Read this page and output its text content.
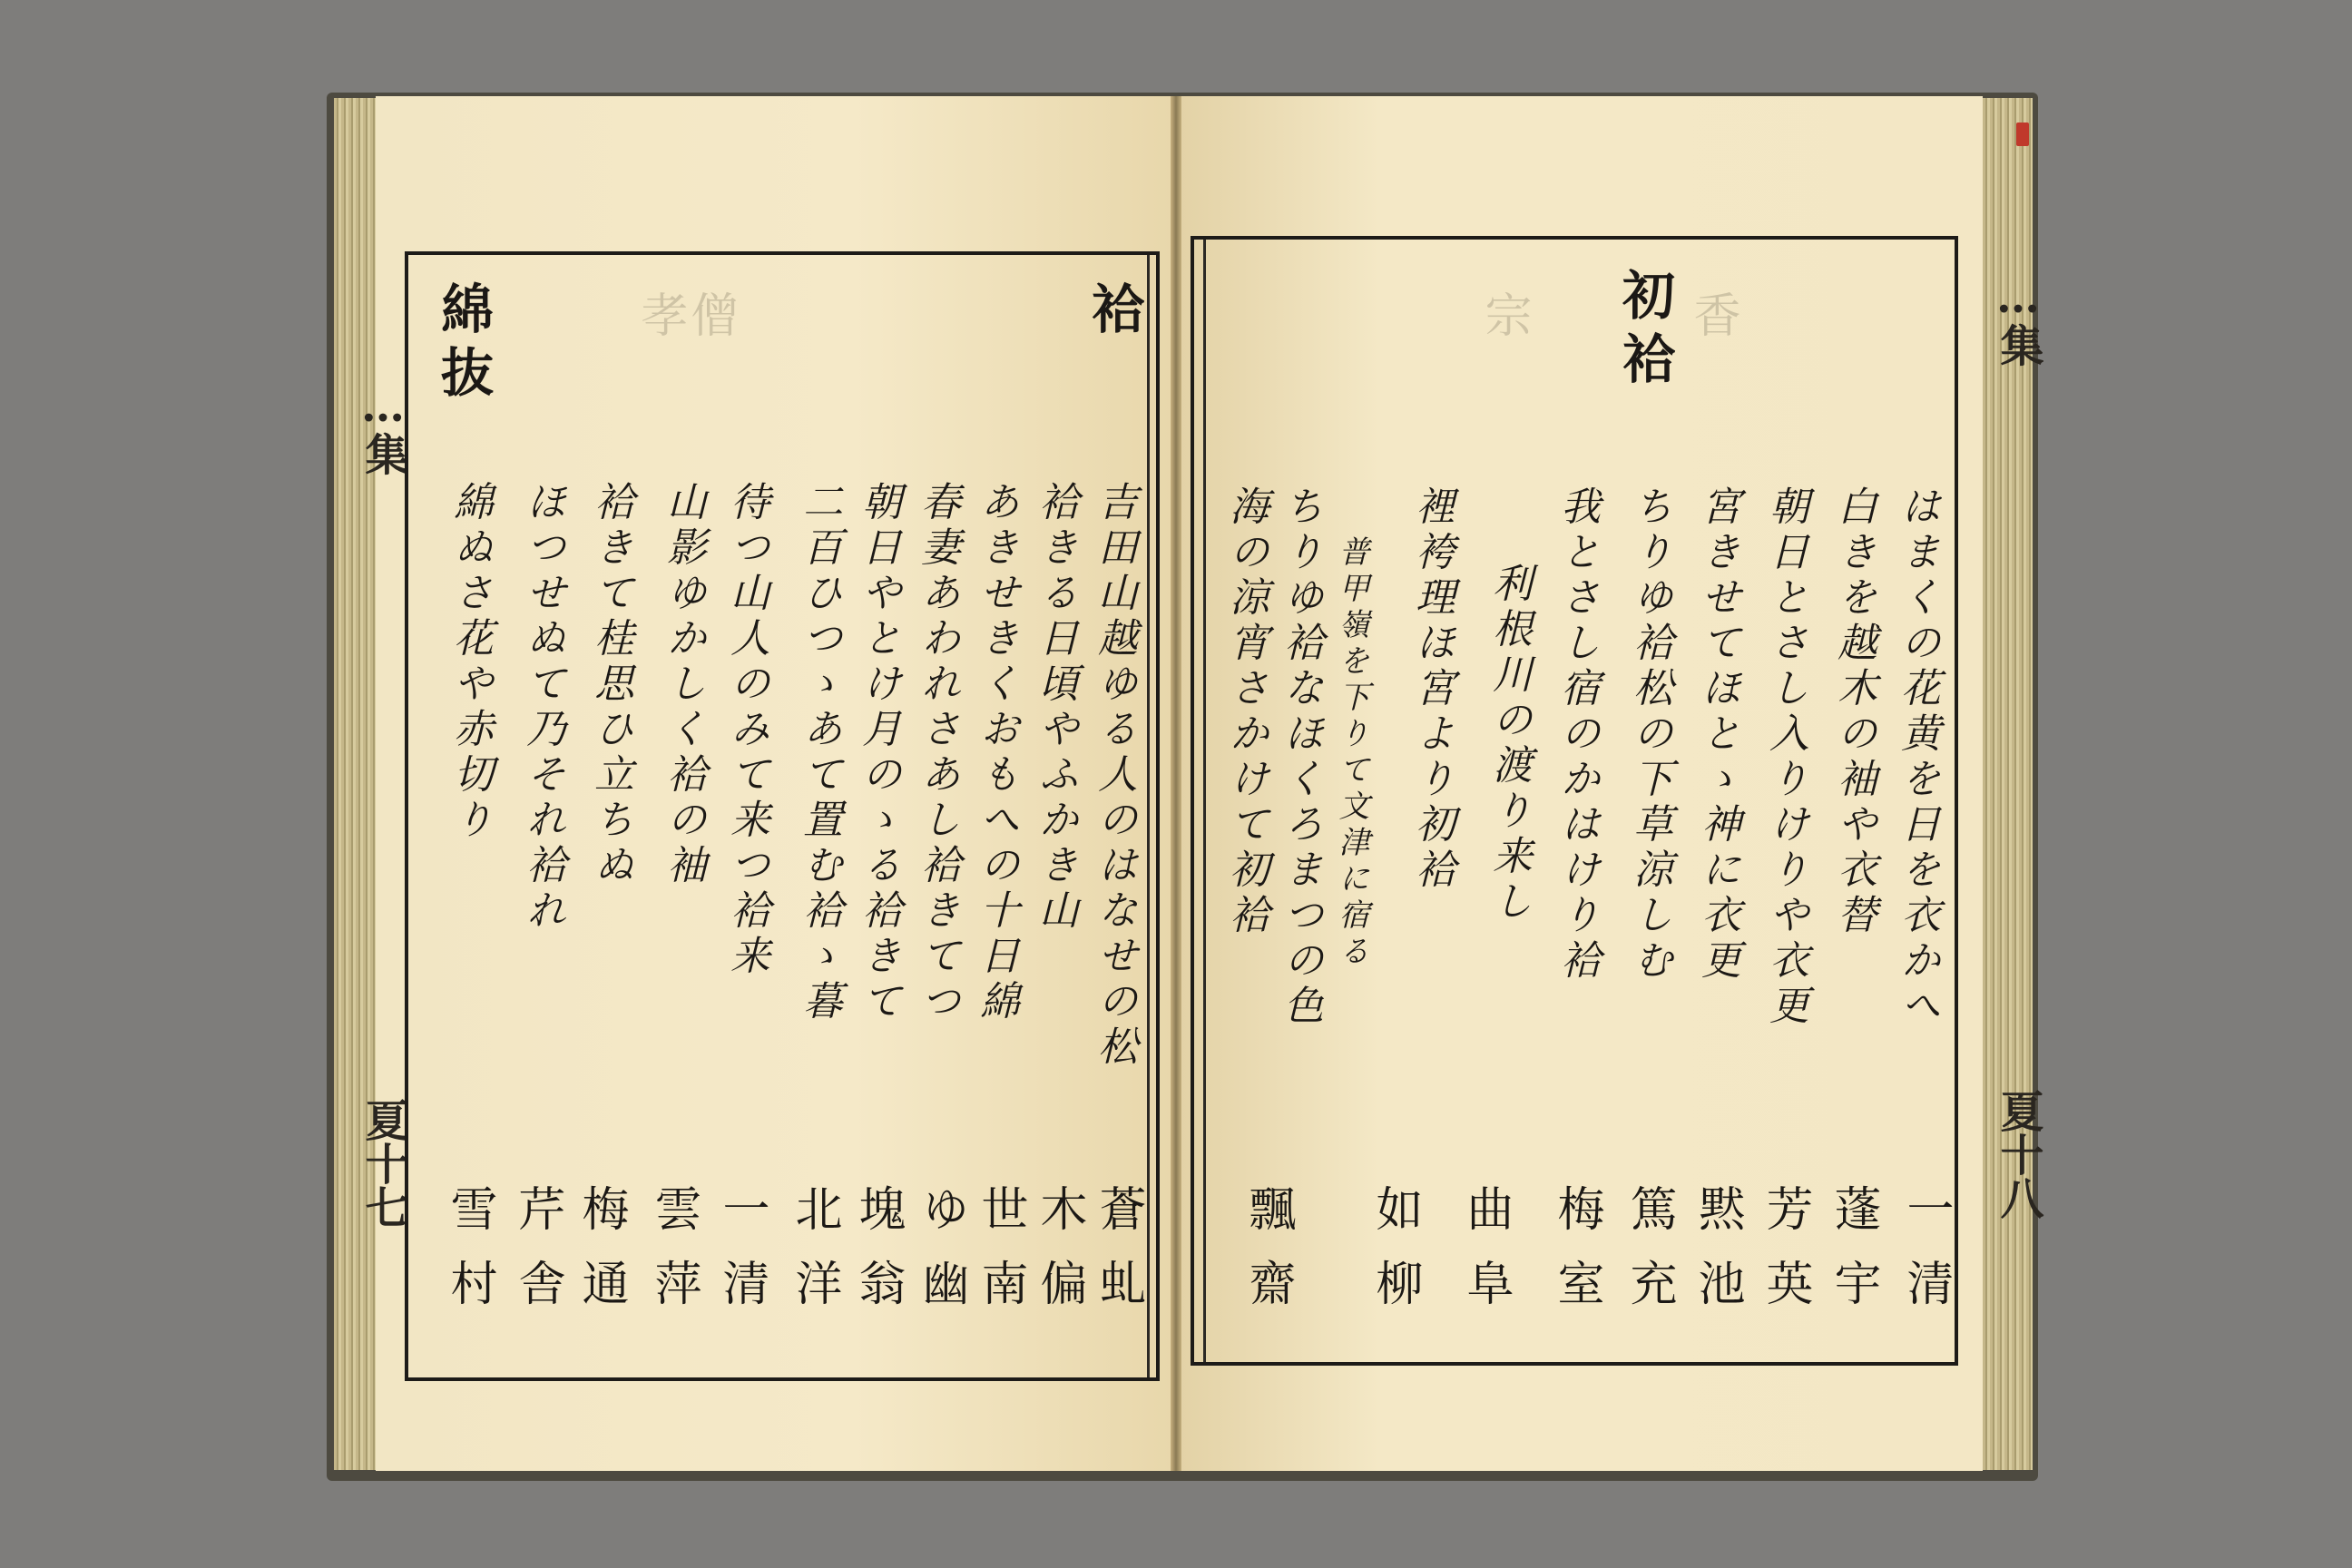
…集
夏十七
…集
夏十八
僧
孝	香
宗
袷
綿抜
吉田山越ゆる人のはなせの松
袷きる日頃やふかき山
あきせきくおもへの十日綿
春妻あわれさあし袷きてつ
朝日やとけ月のゝる袷きて
二百ひつゝあて置む袷ゝ暮
待つ山人のみて来つ袷来
山影ゆかしく袷の袖
袷きて桂思ひ立ちぬ
ほつせぬて乃それ袷れ
綿ぬさ花や赤切り
蒼虬
木偏
世南
ゆ幽
塊翁
北洋
一清
雲萍
梅通
芹舎
雪村
初袷
はまくの花黄を日を衣かへ
白きを越木の袖や衣替
朝日とさし入りけりや衣更
宮きせてほとゝ神に衣更
ちりゆ袷松の下草涼しむ
我とさし宿のかはけり袷
利根川の渡り来し
裡袴理ほ宮より初袷
普甲嶺を下りて文津に宿る
ちりゆ袷なほくろまつの色
海の涼宵さかけて初袷
一清
蓬宇
芳英
黙池
篤充
梅室
曲阜
如柳
飄齋
